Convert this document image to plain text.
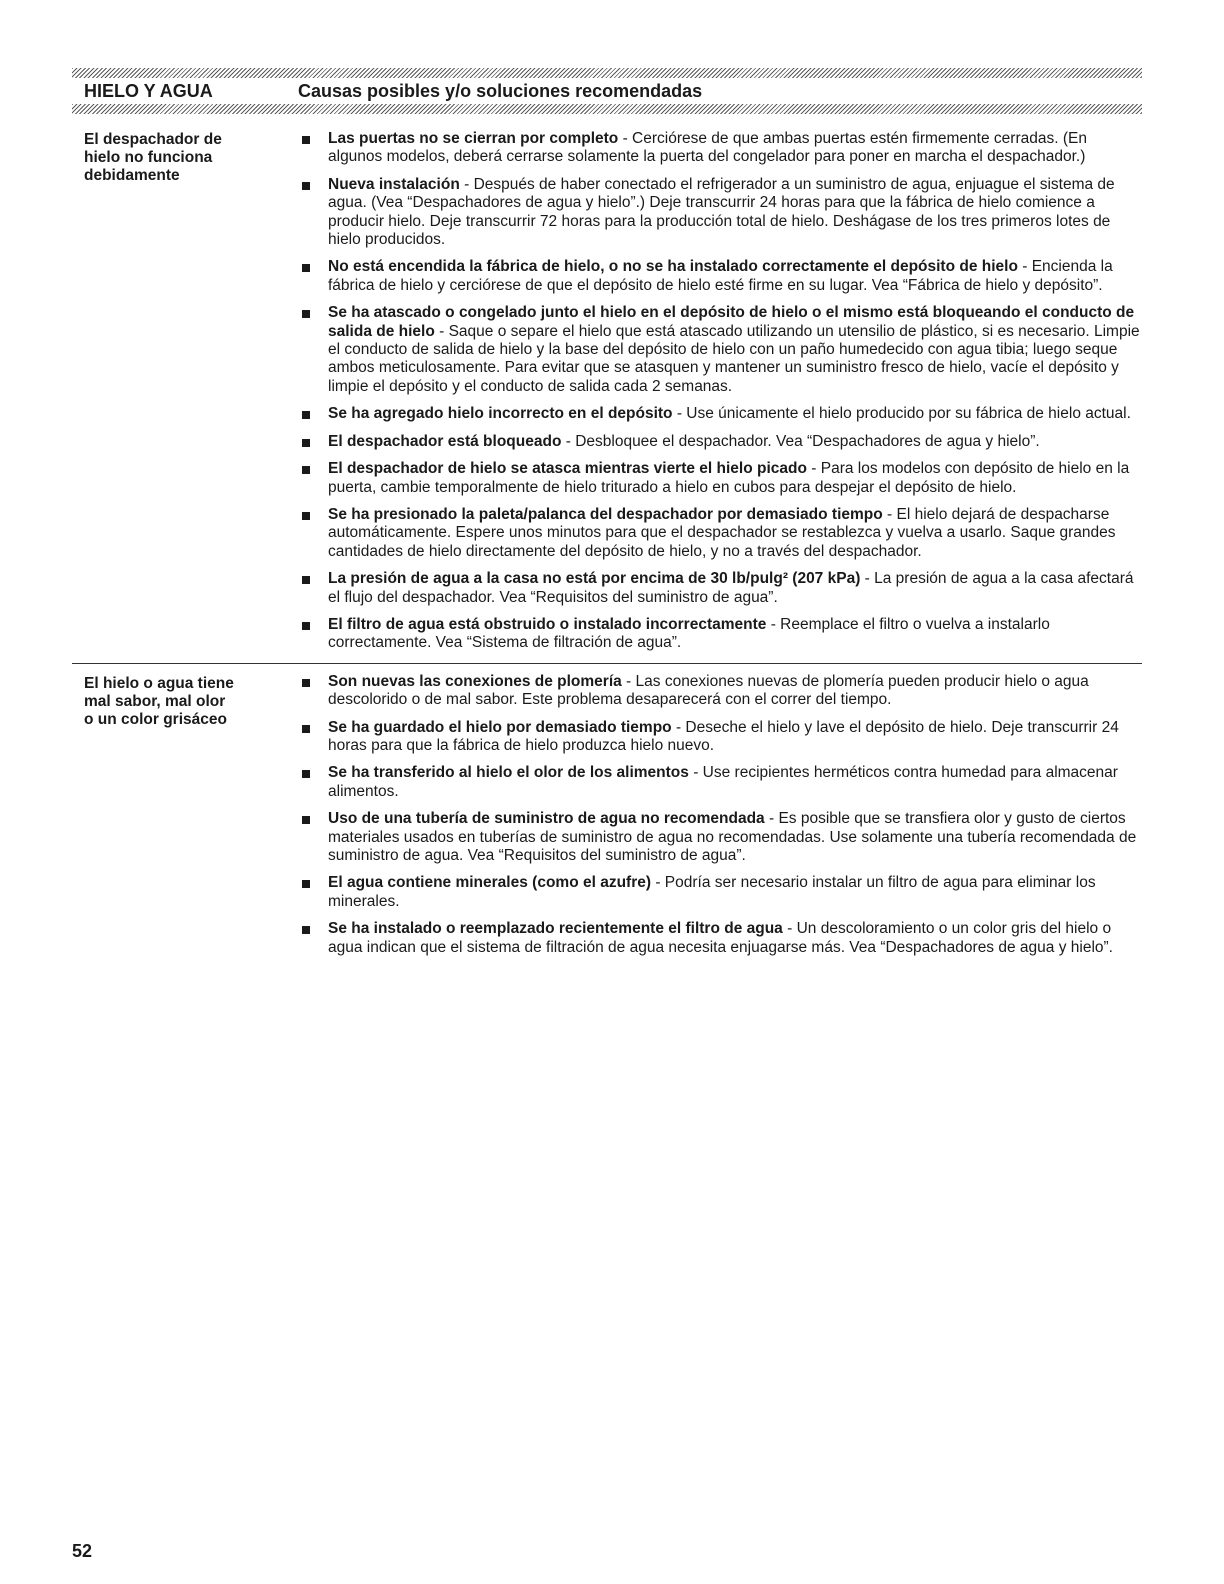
HIELO Y AGUA	Causas posibles y/o soluciones recomendadas
El despachador de
hielo no funciona
debidamente
Las puertas no se cierran por completo - Cerciórese de que ambas puertas estén firmemente cerradas. (En algunos modelos, deberá cerrarse solamente la puerta del congelador para poner en marcha el despachador.)
Nueva instalación - Después de haber conectado el refrigerador a un suministro de agua, enjuague el sistema de agua. (Vea “Despachadores de agua y hielo”.) Deje transcurrir 24 horas para que la fábrica de hielo comience a producir hielo. Deje transcurrir 72 horas para la producción total de hielo. Deshágase de los tres primeros lotes de hielo producidos.
No está encendida la fábrica de hielo, o no se ha instalado correctamente el depósito de hielo - Encienda la fábrica de hielo y cerciórese de que el depósito de hielo esté firme en su lugar. Vea “Fábrica de hielo y depósito”.
Se ha atascado o congelado junto el hielo en el depósito de hielo o el mismo está bloqueando el conducto de salida de hielo - Saque o separe el hielo que está atascado utilizando un utensilio de plástico, si es necesario. Limpie el conducto de salida de hielo y la base del depósito de hielo con un paño humedecido con agua tibia; luego seque ambos meticulosamente. Para evitar que se atasquen y mantener un suministro fresco de hielo, vacíe el depósito y limpie el depósito y el conducto de salida cada 2 semanas.
Se ha agregado hielo incorrecto en el depósito - Use únicamente el hielo producido por su fábrica de hielo actual.
El despachador está bloqueado - Desbloquee el despachador. Vea “Despachadores de agua y hielo”.
El despachador de hielo se atasca mientras vierte el hielo picado - Para los modelos con depósito de hielo en la puerta, cambie temporalmente de hielo triturado a hielo en cubos para despejar el depósito de hielo.
Se ha presionado la paleta/palanca del despachador por demasiado tiempo - El hielo dejará de despacharse automáticamente. Espere unos minutos para que el despachador se restablezca y vuelva a usarlo. Saque grandes cantidades de hielo directamente del depósito de hielo, y no a través del despachador.
La presión de agua a la casa no está por encima de 30 lb/pulg² (207 kPa) - La presión de agua a la casa afectará el flujo del despachador. Vea “Requisitos del suministro de agua”.
El filtro de agua está obstruido o instalado incorrectamente - Reemplace el filtro o vuelva a instalarlo correctamente. Vea “Sistema de filtración de agua”.
El hielo o agua tiene
mal sabor, mal olor
o un color grisáceo
Son nuevas las conexiones de plomería - Las conexiones nuevas de plomería pueden producir hielo o agua descolorido o de mal sabor. Este problema desaparecerá con el correr del tiempo.
Se ha guardado el hielo por demasiado tiempo - Deseche el hielo y lave el depósito de hielo. Deje transcurrir 24 horas para que la fábrica de hielo produzca hielo nuevo.
Se ha transferido al hielo el olor de los alimentos - Use recipientes herméticos contra humedad para almacenar alimentos.
Uso de una tubería de suministro de agua no recomendada - Es posible que se transfiera olor y gusto de ciertos materiales usados en tuberías de suministro de agua no recomendadas. Use solamente una tubería recomendada de suministro de agua. Vea “Requisitos del suministro de agua”.
El agua contiene minerales (como el azufre) - Podría ser necesario instalar un filtro de agua para eliminar los minerales.
Se ha instalado o reemplazado recientemente el filtro de agua - Un descoloramiento o un color gris del hielo o agua indican que el sistema de filtración de agua necesita enjuagarse más. Vea “Despachadores de agua y hielo”.
52
